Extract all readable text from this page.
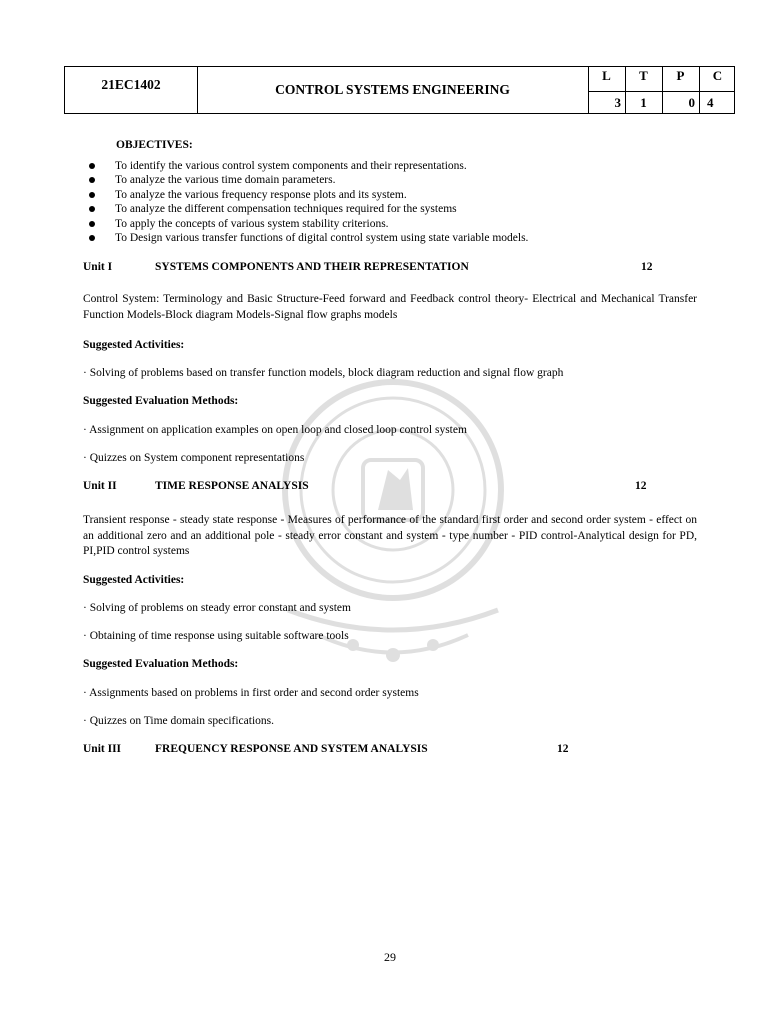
21EC1402	CONTROL SYSTEMS ENGINEERING
L	T	P	C
3	1	0 4
OBJECTIVES:
To identify the various control system components and their representations.
To analyze the various time domain parameters.
To analyze the various frequency response plots and its system.
To analyze the different compensation techniques required for the systems
To apply the concepts of various system stability criterions.
To Design various transfer functions of digital control system using state variable models.
Unit I	SYSTEMS COMPONENTS AND THEIR REPRESENTATION	12
Control System: Terminology and Basic Structure-Feed forward and Feedback control theory- Electrical and Mechanical Transfer Function Models-Block diagram Models-Signal flow graphs models
Suggested Activities:
· Solving of problems based on transfer function models, block diagram reduction and signal flow graph
Suggested Evaluation Methods:
· Assignment on application examples on open loop and closed loop control system
· Quizzes on System component representations
Unit II	TIME RESPONSE ANALYSIS	12
Transient response - steady state response - Measures of performance of the standard first order and second order system - effect on an additional zero and an additional pole - steady error constant and system - type number - PID control-Analytical design for PD, PI,PID control systems
Suggested Activities:
· Solving of problems on steady error constant and system
· Obtaining of time response using suitable software tools
Suggested Evaluation Methods:
· Assignments based on problems in first order and second order systems
· Quizzes on Time domain specifications.
Unit III	FREQUENCY RESPONSE AND SYSTEM ANALYSIS	12
29
